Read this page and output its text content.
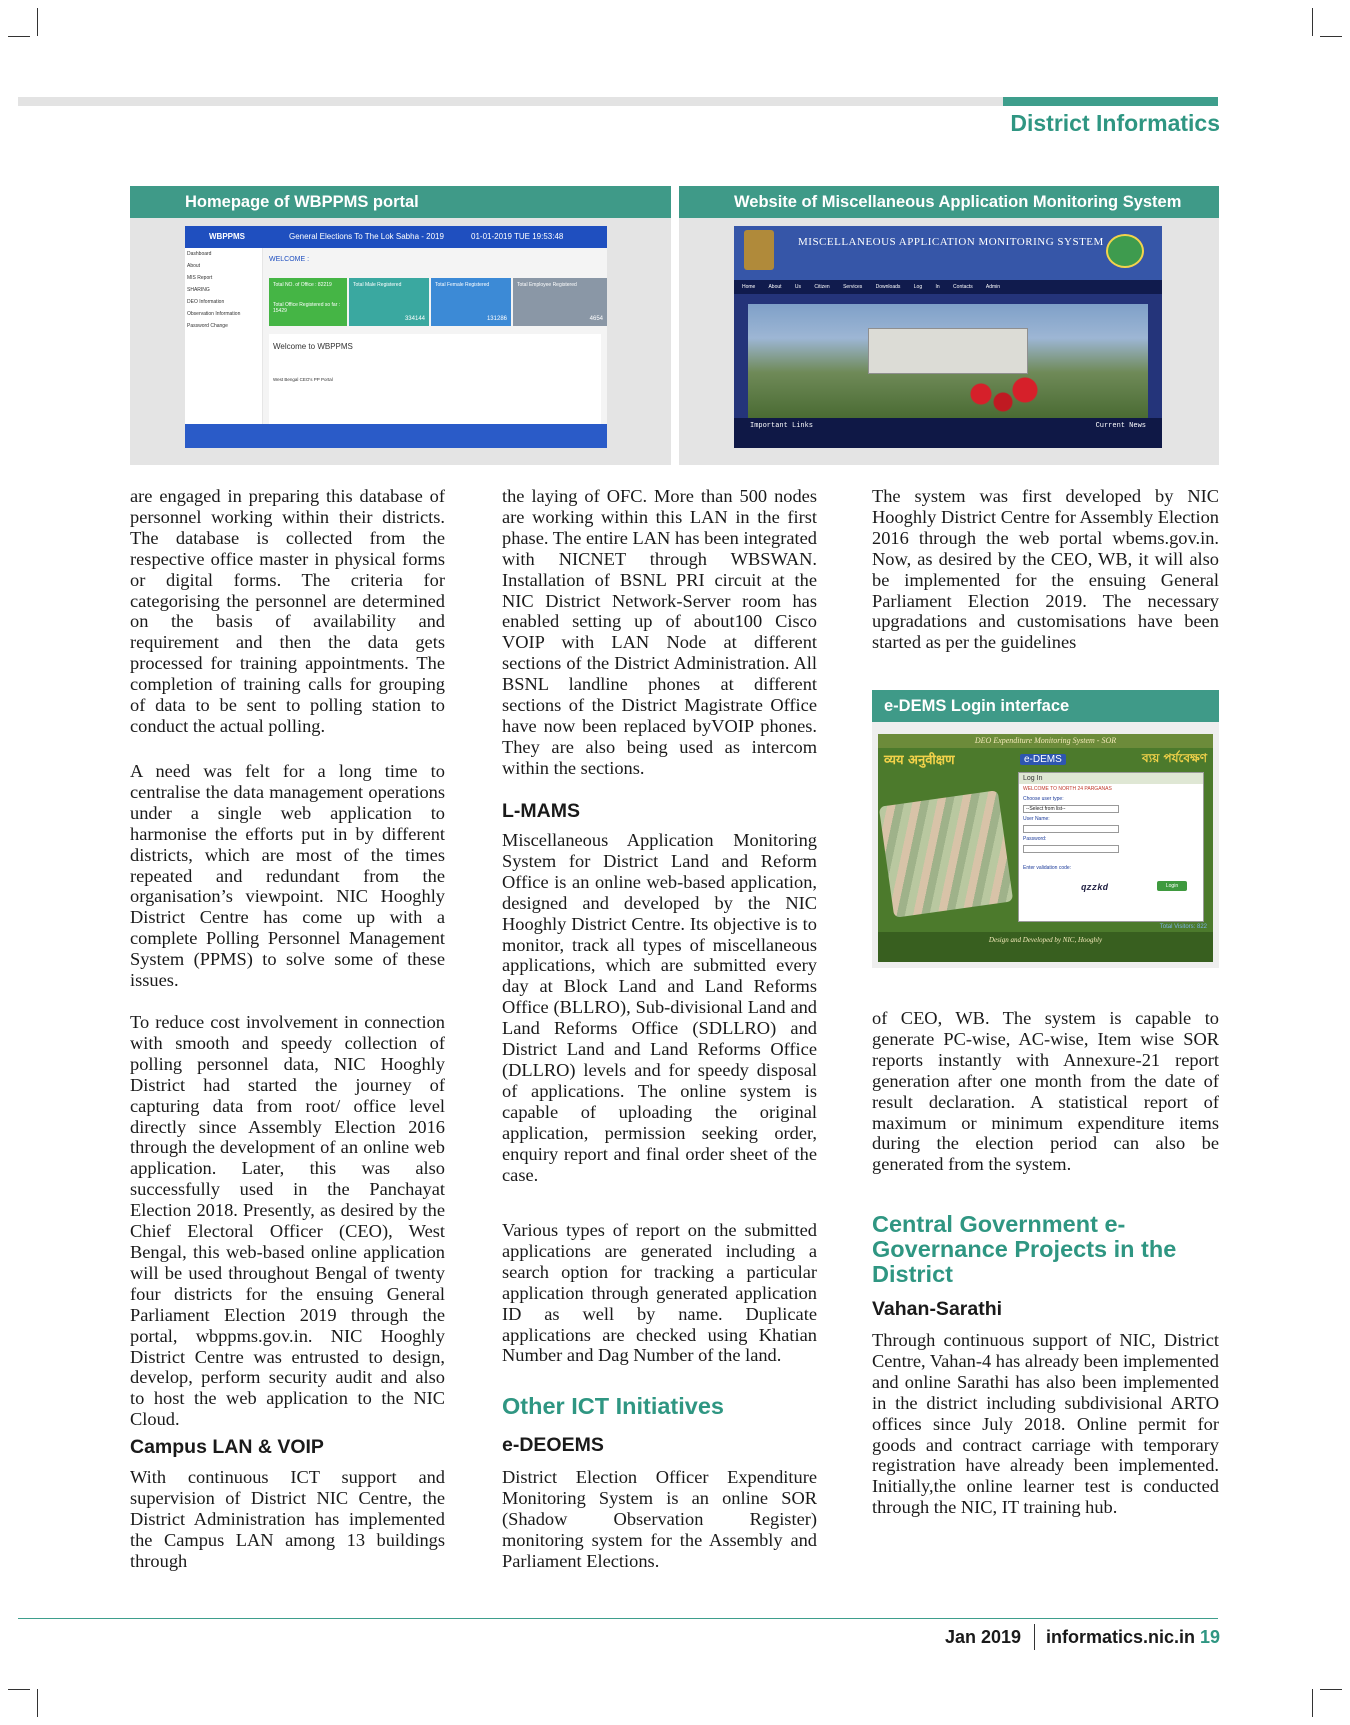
District Informatics
Homepage of WBPPMS portal
WBPPMS	General Elections To The Lok Sabha - 2019	01-01-2019 TUE 19:53:48
Dashboard
About
MIS Report
SHARING
DEO Information
Observation Information
Password Change
WELCOME :
Total NO. of Office : 82219
Total Office Registered so far : 15429
Total Male Registered
334144
Total Female Registered
131286
Total Employee Registered
4654
Welcome to WBPPMS
West Bengal CEO's PP Portal
Website of Miscellaneous Application Monitoring System
MISCELLANEOUS APPLICATION MONITORING SYSTEM
Home About Us Citizen Services Downloads Log In Contacts Admin
Important Links	Current News

are engaged in preparing this database of personnel working within their districts. The database is collected from the respective office master in physical forms or digital forms. The criteria for categorising the personnel are determined on the basis of availability and requirement and then the data gets processed for training appointments. The completion of training calls for grouping of data to be sent to polling station to conduct the actual polling.

A need was felt for a long time to centralise the data management operations under a single web application to harmonise the efforts put in by different districts, which are most of the times repeated and redundant from the organisation’s viewpoint. NIC Hooghly District Centre has come up with a complete Polling Personnel Management System (PPMS) to solve some of these issues.

To reduce cost involvement in connection with smooth and speedy collection of polling personnel data, NIC Hooghly District had started the journey of capturing data from root/ office level directly since Assembly Election 2016 through the development of an online web application. Later, this was also successfully used in the Panchayat Election 2018. Presently, as desired by the Chief Electoral Officer (CEO), West Bengal, this web-based online application will be used throughout Bengal of twenty four districts for the ensuing General Parliament Election 2019 through the portal, wbppms.gov.in. NIC Hooghly District Centre was entrusted to design, develop, perform security audit and also to host the web application to the NIC Cloud.

Campus LAN & VOIP

With continuous ICT support and supervision of District NIC Centre, the District Administration has implemented the Campus LAN among 13 buildings through

the laying of OFC. More than 500 nodes are working within this LAN in the first phase. The entire LAN has been integrated with NICNET through WBSWAN. Installation of BSNL PRI circuit at the NIC District Network-Server room has enabled setting up of about100 Cisco VOIP with LAN Node at different sections of the District Administration. All BSNL landline phones at different sections of the District Magistrate Office have now been replaced byVOIP phones. They are also being used as intercom within the sections.

L-MAMS

Miscellaneous Application Monitoring System for District Land and Reform Office is an online web-based application, designed and developed by the NIC Hooghly District Centre. Its objective is to monitor, track all types of miscellaneous applications, which are submitted every day at Block Land and Land Reforms Office (BLLRO), Sub-divisional Land and Land Reforms Office (SDLLRO) and District Land and Land Reforms Office (DLLRO) levels and for speedy disposal of applications. The online system is capable of uploading the original application, permission seeking order, enquiry report and final order sheet of the case.

Various types of report on the submitted applications are generated including a search option for tracking a particular application through generated application ID as well by name. Duplicate applications are checked using Khatian Number and Dag Number of the land.

Other ICT Initiatives
e-DEOEMS

District Election Officer Expenditure Monitoring System is an online SOR (Shadow Observation Register) monitoring system for the Assembly and Parliament Elections.

The system was first developed by NIC Hooghly District Centre for Assembly Election 2016 through the web portal wbems.gov.in. Now, as desired by the CEO, WB, it will also be implemented for the ensuing General Parliament Election 2019. The necessary upgradations and customisations have been started as per the guidelines

e-DEMS Login interface
DEO Expenditure Monitoring System - SOR
व्यय अनुवीक्षण	ব্যয় পর্যবেক্ষণ
e-DEMS
Log In
WELCOME TO NORTH 24 PARGANAS
Choose user type:
--Select from list--
User Name:
Password:
Enter validation code:
qzzkd	Login
Total Visitors: 822
Design and Developed by NIC, Hooghly

of CEO, WB. The system is capable to generate PC-wise, AC-wise, Item wise SOR reports instantly with Annexure-21 report generation after one month from the date of result declaration. A statistical report of maximum or minimum expenditure items during the election period can also be generated from the system.

Central Government e-Governance Projects in the District
Vahan-Sarathi

Through continuous support of NIC, District Centre, Vahan-4 has already been implemented and online Sarathi has also been implemented in the district including subdivisional ARTO offices since July 2018. Online permit for goods and contract carriage with temporary registration have already been implemented. Initially,the online learner test is conducted through the NIC, IT training hub.

Jan 2019 informatics.nic.in 19
